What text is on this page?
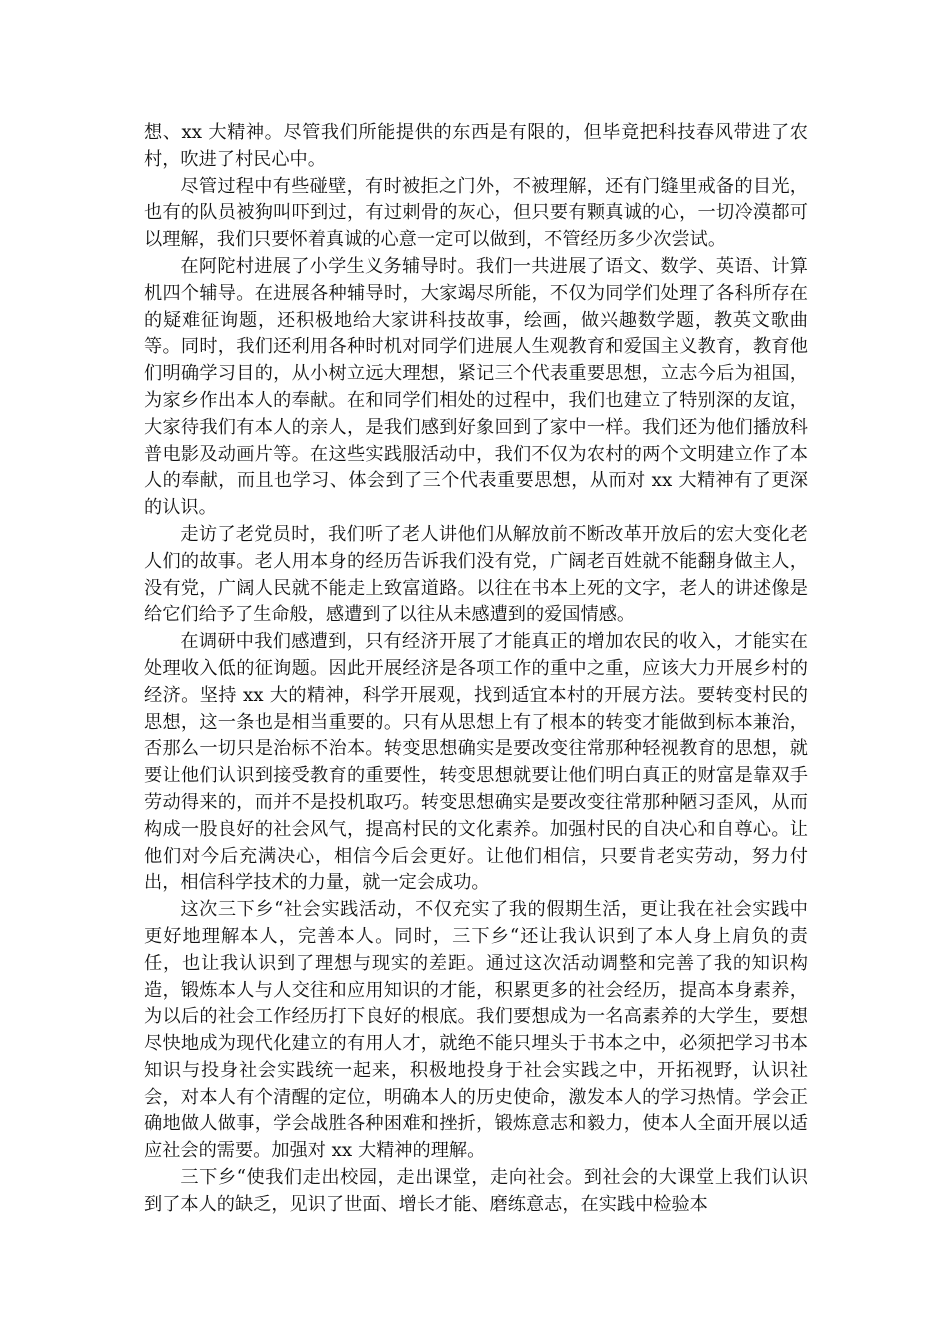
想、xx 大精神。尽管我们所能提供的东西是有限的，但毕竟把科技春风带进了农村，吹进了村民心中。

尽管过程中有些碰壁，有时被拒之门外，不被理解，还有门缝里戒备的目光，也有的队员被狗叫吓到过，有过刺骨的灰心，但只要有颗真诚的心，一切冷漠都可以理解，我们只要怀着真诚的心意一定可以做到，不管经历多少次尝试。

在阿陀村进展了小学生义务辅导时。我们一共进展了语文、数学、英语、计算机四个辅导。在进展各种辅导时，大家竭尽所能，不仅为同学们处理了各科所存在的疑难征询题，还积极地给大家讲科技故事，绘画，做兴趣数学题，教英文歌曲等。同时，我们还利用各种时机对同学们进展人生观教育和爱国主义教育，教育他们明确学习目的，从小树立远大理想，紧记三个代表重要思想，立志今后为祖国，为家乡作出本人的奉献。在和同学们相处的过程中，我们也建立了特别深的友谊，大家待我们有本人的亲人，是我们感到好象回到了家中一样。我们还为他们播放科普电影及动画片等。在这些实践服活动中，我们不仅为农村的两个文明建立作了本人的奉献，而且也学习、体会到了三个代表重要思想，从而对 xx 大精神有了更深的认识。

走访了老党员时，我们听了老人讲他们从解放前不断改革开放后的宏大变化老人们的故事。老人用本身的经历告诉我们没有党，广阔老百姓就不能翻身做主人，没有党，广阔人民就不能走上致富道路。以往在书本上死的文字，老人的讲述像是给它们给予了生命般，感遭到了以往从未感遭到的爱国情感。

在调研中我们感遭到，只有经济开展了才能真正的增加农民的收入，才能实在处理收入低的征询题。因此开展经济是各项工作的重中之重，应该大力开展乡村的经济。坚持 xx 大的精神，科学开展观，找到适宜本村的开展方法。要转变村民的思想，这一条也是相当重要的。只有从思想上有了根本的转变才能做到标本兼治，否那么一切只是治标不治本。转变思想确实是要改变往常那种轻视教育的思想，就要让他们认识到接受教育的重要性，转变思想就要让他们明白真正的财富是靠双手劳动得来的，而并不是投机取巧。转变思想确实是要改变往常那种陋习歪风，从而构成一股良好的社会风气，提高村民的文化素养。加强村民的自决心和自尊心。让他们对今后充满决心，相信今后会更好。让他们相信，只要肯老实劳动，努力付出，相信科学技术的力量，就一定会成功。

这次三下乡“社会实践活动，不仅充实了我的假期生活，更让我在社会实践中更好地理解本人，完善本人。同时，三下乡“还让我认识到了本人身上肩负的责任，也让我认识到了理想与现实的差距。通过这次活动调整和完善了我的知识构造，锻炼本人与人交往和应用知识的才能，积累更多的社会经历，提高本身素养，为以后的社会工作经历打下良好的根底。我们要想成为一名高素养的大学生，要想尽快地成为现代化建立的有用人才，就绝不能只埋头于书本之中，必须把学习书本知识与投身社会实践统一起来，积极地投身于社会实践之中，开拓视野，认识社会，对本人有个清醒的定位，明确本人的历史使命，激发本人的学习热情。学会正确地做人做事，学会战胜各种困难和挫折，锻炼意志和毅力，使本人全面开展以适应社会的需要。加强对 xx 大精神的理解。

三下乡“使我们走出校园，走出课堂，走向社会。到社会的大课堂上我们认识到了本人的缺乏，见识了世面、增长才能、磨练意志，在实践中检验本
